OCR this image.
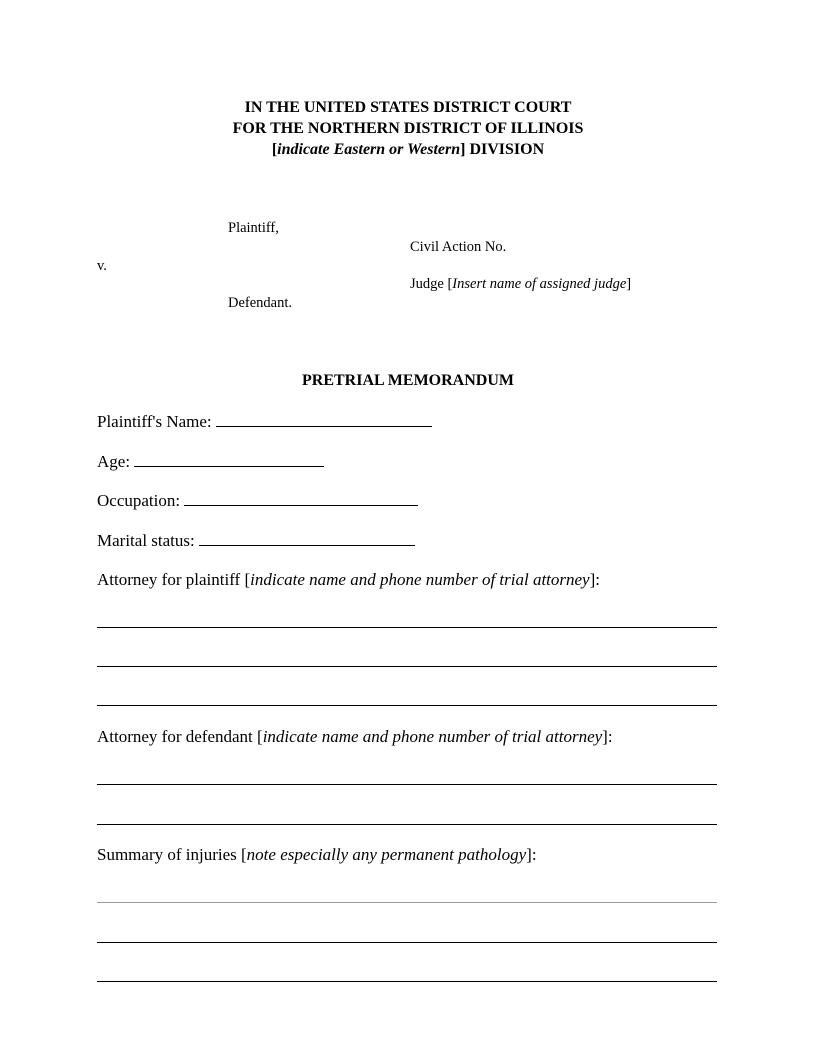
IN THE UNITED STATES DISTRICT COURT
FOR THE NORTHERN DISTRICT OF ILLINOIS
[indicate Eastern or Western] DIVISION
Plaintiff,
Civil Action No.
v.
Judge [Insert name of assigned judge]
Defendant.
PRETRIAL MEMORANDUM
Plaintiff's Name:
Age:
Occupation:
Marital status:
Attorney for plaintiff [indicate name and phone number of trial attorney]:
Attorney for defendant [indicate name and phone number of trial attorney]:
Summary of injuries [note especially any permanent pathology]:
